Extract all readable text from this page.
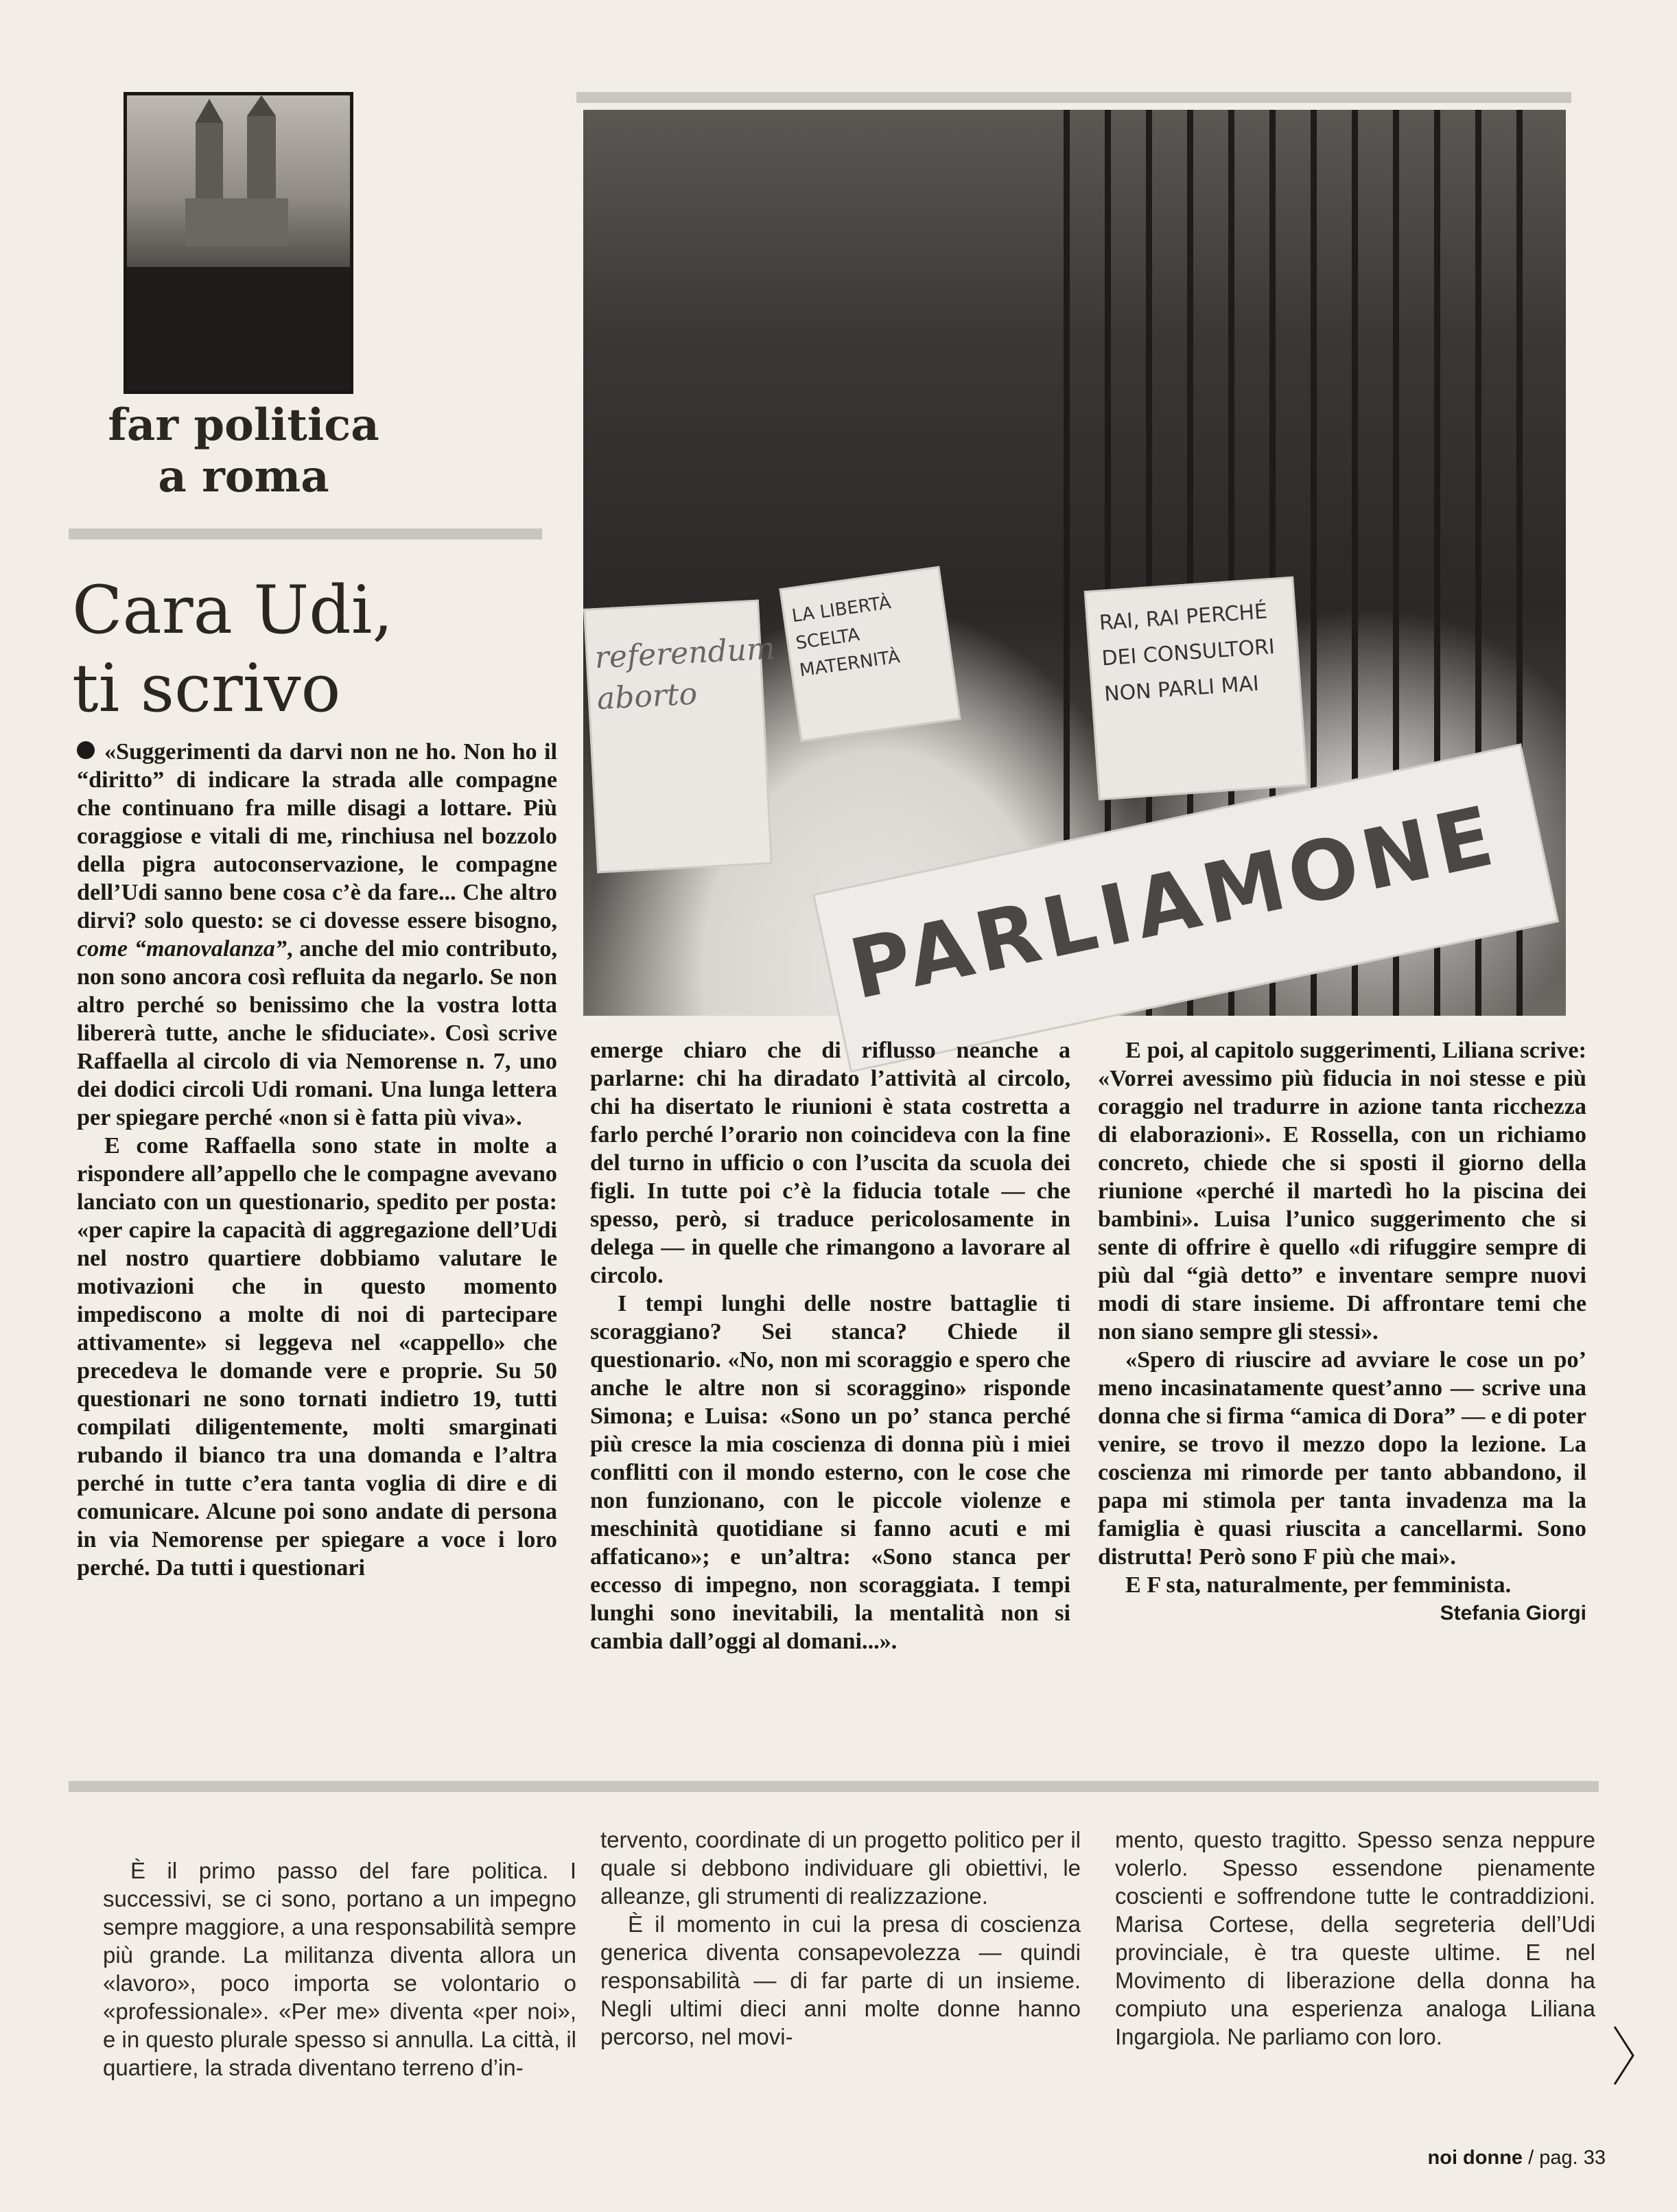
far politica
a roma
Cara Udi,
ti scrivo	referendum aborto
LA LIBERTÀ SCELTA MATERNITÀ
RAI, RAI PERCHÉ DEI CONSULTORI NON PARLI MAI
PARLIAMONE

«Suggerimenti da darvi non ne ho. Non ho il “diritto” di indicare la strada alle compagne che continuano fra mille disagi a lottare. Più coraggiose e vitali di me, rinchiusa nel bozzolo della pigra autoconservazione, le compagne dell’Udi sanno bene cosa c’è da fare... Che altro dirvi? solo questo: se ci dovesse essere bisogno, come “manovalanza”, anche del mio contributo, non sono ancora così refluita da negarlo. Se non altro perché so benissimo che la vostra lotta libererà tutte, anche le sfiduciate». Così scrive Raffaella al circolo di via Nemorense n. 7, uno dei dodici circoli Udi romani. Una lunga lettera per spiegare perché «non si è fatta più viva».

E come Raffaella sono state in molte a rispondere all’appello che le compagne avevano lanciato con un questionario, spedito per posta: «per capire la capacità di aggregazione dell’Udi nel nostro quartiere dobbiamo valutare le motivazioni che in questo momento impediscono a molte di noi di partecipare attivamente» si leggeva nel «cappello» che precedeva le domande vere e proprie. Su 50 questionari ne sono tornati indietro 19, tutti compilati diligentemente, molti smarginati rubando il bianco tra una domanda e l’altra perché in tutte c’era tanta voglia di dire e di comunicare. Alcune poi sono andate di persona in via Nemorense per spiegare a voce i loro perché. Da tutti i questionari

emerge chiaro che di riflusso neanche a parlarne: chi ha diradato l’attività al circolo, chi ha disertato le riunioni è stata costretta a farlo perché l’orario non coincideva con la fine del turno in ufficio o con l’uscita da scuola dei figli. In tutte poi c’è la fiducia totale — che spesso, però, si traduce pericolosamente in delega — in quelle che rimangono a lavorare al circolo.

I tempi lunghi delle nostre battaglie ti scoraggiano? Sei stanca? Chiede il questionario. «No, non mi scoraggio e spero che anche le altre non si scoraggino» risponde Simona; e Luisa: «Sono un po’ stanca perché più cresce la mia coscienza di donna più i miei conflitti con il mondo esterno, con le cose che non funzionano, con le piccole violenze e meschinità quotidiane si fanno acuti e mi affaticano»; e un’altra: «Sono stanca per eccesso di impegno, non scoraggiata. I tempi lunghi sono inevitabili, la mentalità non si cambia dall’oggi al domani...».

E poi, al capitolo suggerimenti, Liliana scrive: «Vorrei avessimo più fiducia in noi stesse e più coraggio nel tradurre in azione tanta ricchezza di elaborazioni». E Rossella, con un richiamo concreto, chiede che si sposti il giorno della riunione «perché il martedì ho la piscina dei bambini». Luisa l’unico suggerimento che si sente di offrire è quello «di rifuggire sempre di più dal “già detto” e inventare sempre nuovi modi di stare insieme. Di affrontare temi che non siano sempre gli stessi».

«Spero di riuscire ad avviare le cose un po’ meno incasinatamente quest’anno — scrive una donna che si firma “amica di Dora” — e di poter venire, se trovo il mezzo dopo la lezione. La coscienza mi rimorde per tanto abbandono, il papa mi stimola per tanta invadenza ma la famiglia è quasi riuscita a cancellarmi. Sono distrutta! Però sono F più che mai».

E F sta, naturalmente, per femminista.

Stefania Giorgi

È il primo passo del fare politica. I successivi, se ci sono, portano a un impegno sempre maggiore, a una responsabilità sempre più grande. La militanza diventa allora un «lavoro», poco importa se volontario o «professionale». «Per me» diventa «per noi», e in questo plurale spesso si annulla. La città, il quartiere, la strada diventano terreno d’in-

tervento, coordinate di un progetto politico per il quale si debbono individuare gli obiettivi, le alleanze, gli strumenti di realizzazione.

È il momento in cui la presa di coscienza generica diventa consapevolezza — quindi responsabilità — di far parte di un insieme. Negli ultimi dieci anni molte donne hanno percorso, nel movi-

mento, questo tragitto. Spesso senza neppure volerlo. Spesso essendone pienamente coscienti e soffrendone tutte le contraddizioni. Marisa Cortese, della segreteria dell’Udi provinciale, è tra queste ultime. E nel Movimento di liberazione della donna ha compiuto una esperienza analoga Liliana Ingargiola. Ne parliamo con loro.

noi donne / pag. 33
